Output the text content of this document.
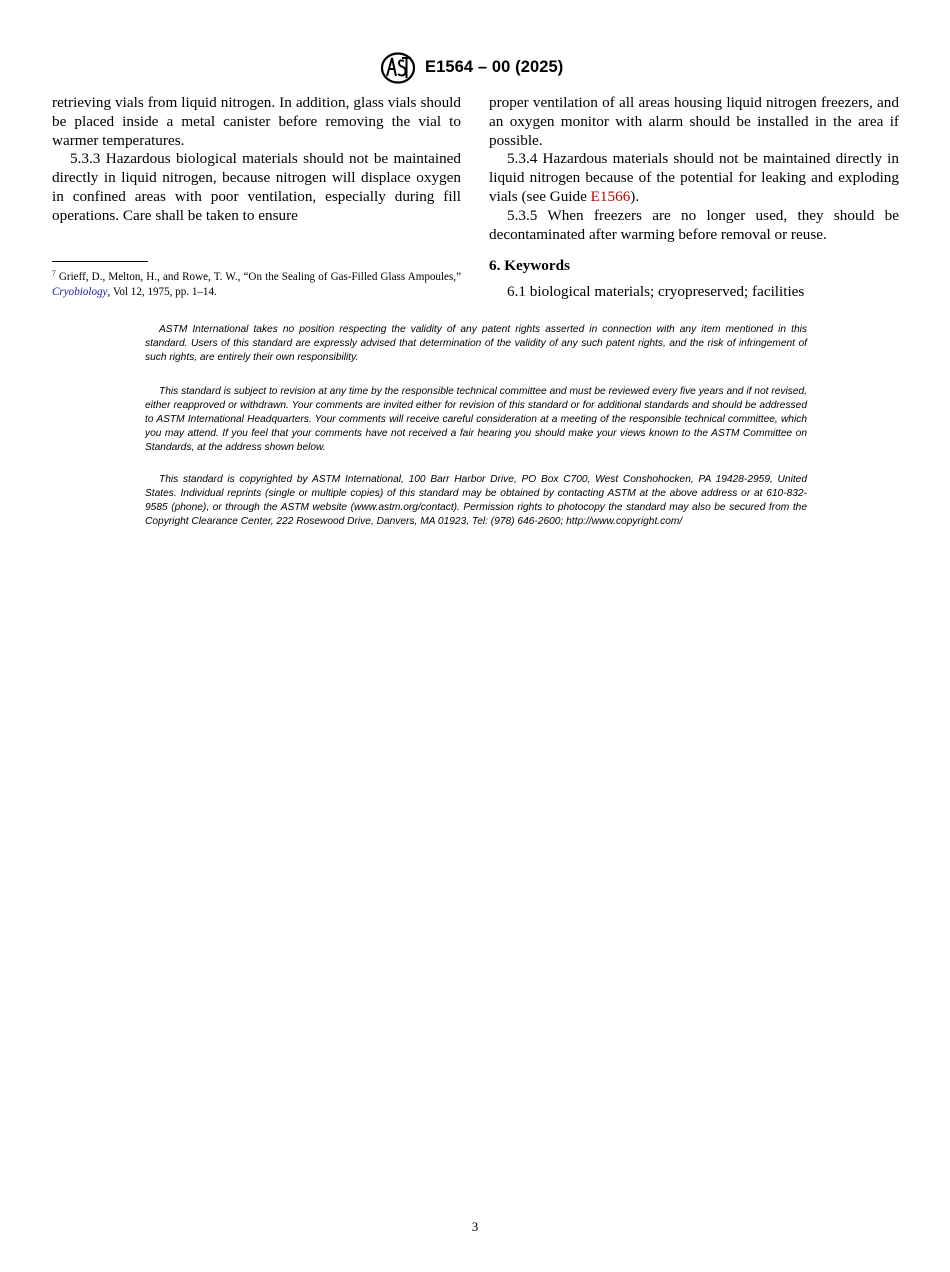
E1564 – 00 (2025)

retrieving vials from liquid nitrogen. In addition, glass vials should be placed inside a metal canister before removing the vial to warmer temperatures.

5.3.3 Hazardous biological materials should not be maintained directly in liquid nitrogen, because nitrogen will displace oxygen in confined areas with poor ventilation, especially during fill operations. Care shall be taken to ensure

proper ventilation of all areas housing liquid nitrogen freezers, and an oxygen monitor with alarm should be installed in the area if possible.

5.3.4 Hazardous materials should not be maintained directly in liquid nitrogen because of the potential for leaking and exploding vials (see Guide E1566).

5.3.5 When freezers are no longer used, they should be decontaminated after warming before removal or reuse.

$^7$ Grieff, D., Melton, H., and Rowe, T. W., “On the Sealing of Gas-Filled Glass Ampoules,” Cryobiology, Vol 12, 1975, pp. 1–14.
6. Keywords
6.1 biological materials; cryopreserved; facilities

ASTM International takes no position respecting the validity of any patent rights asserted in connection with any item mentioned in this standard. Users of this standard are expressly advised that determination of the validity of any such patent rights, and the risk of infringement of such rights, are entirely their own responsibility.

This standard is subject to revision at any time by the responsible technical committee and must be reviewed every five years and if not revised, either reapproved or withdrawn. Your comments are invited either for revision of this standard or for additional standards and should be addressed to ASTM International Headquarters. Your comments will receive careful consideration at a meeting of the responsible technical committee, which you may attend. If you feel that your comments have not received a fair hearing you should make your views known to the ASTM Committee on Standards, at the address shown below.

This standard is copyrighted by ASTM International, 100 Barr Harbor Drive, PO Box C700, West Conshohocken, PA 19428-2959, United States. Individual reprints (single or multiple copies) of this standard may be obtained by contacting ASTM at the above address or at 610-832-9585 (phone), or through the ASTM website (www.astm.org/contact). Permission rights to photocopy the standard may also be secured from the Copyright Clearance Center, 222 Rosewood Drive, Danvers, MA 01923, Tel: (978) 646-2600; http://www.copyright.com/

3
